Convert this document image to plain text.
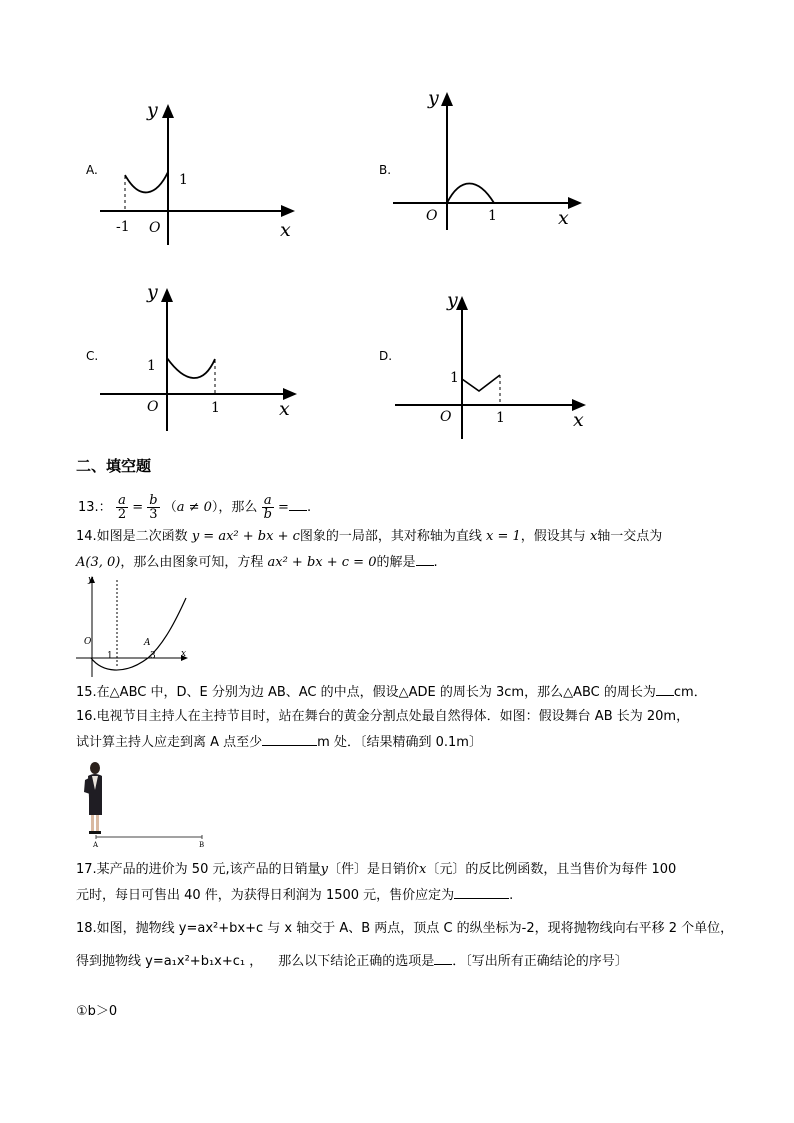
A.
y
x
O
-1
1
B.
y
x
O	1
C.
y
x
O
1
1
D.
y
x
O
1
1
二、填空题
13.： a
2 = b
3 （a ≠ 0），那么 a
b = .
14.如图是二次函数 y = ax² + bx + c图象的一局部，其对称轴为直线 x = 1，假设其与 x轴一交点为
A(3, 0)，那么由图象可知，方程 ax² + bx + c = 0的解是 .
y
x
O
1	3
A
15.在△ABC 中，D、E 分别为边 AB、AC 的中点，假设△ADE 的周长为 3cm，那么△ABC 的周长为 cm．
16.电视节目主持人在主持节目时，站在舞台的黄金分割点处最自然得体．如图：假设舞台 AB 长为 20m，
试计算主持人应走到离 A 点至少	m 处．〔结果精确到 0.1m〕
A	B
17.某产品的进价为 50 元,该产品的日销量y〔件〕是日销价x〔元〕的反比例函数，且当售价为每件 100
元时，每日可售出 40 件，为获得日利润为 1500 元，售价应定为	.
18.如图，抛物线 y=ax²+bx+c 与 x 轴交于 A、B 两点，顶点 C 的纵坐标为-2，现将抛物线向右平移 2 个单位，
得到抛物线 y=a₁x²+b₁x+c₁ ， 那么以下结论正确的选项是 ．〔写出所有正确结论的序号〕
①b＞0
